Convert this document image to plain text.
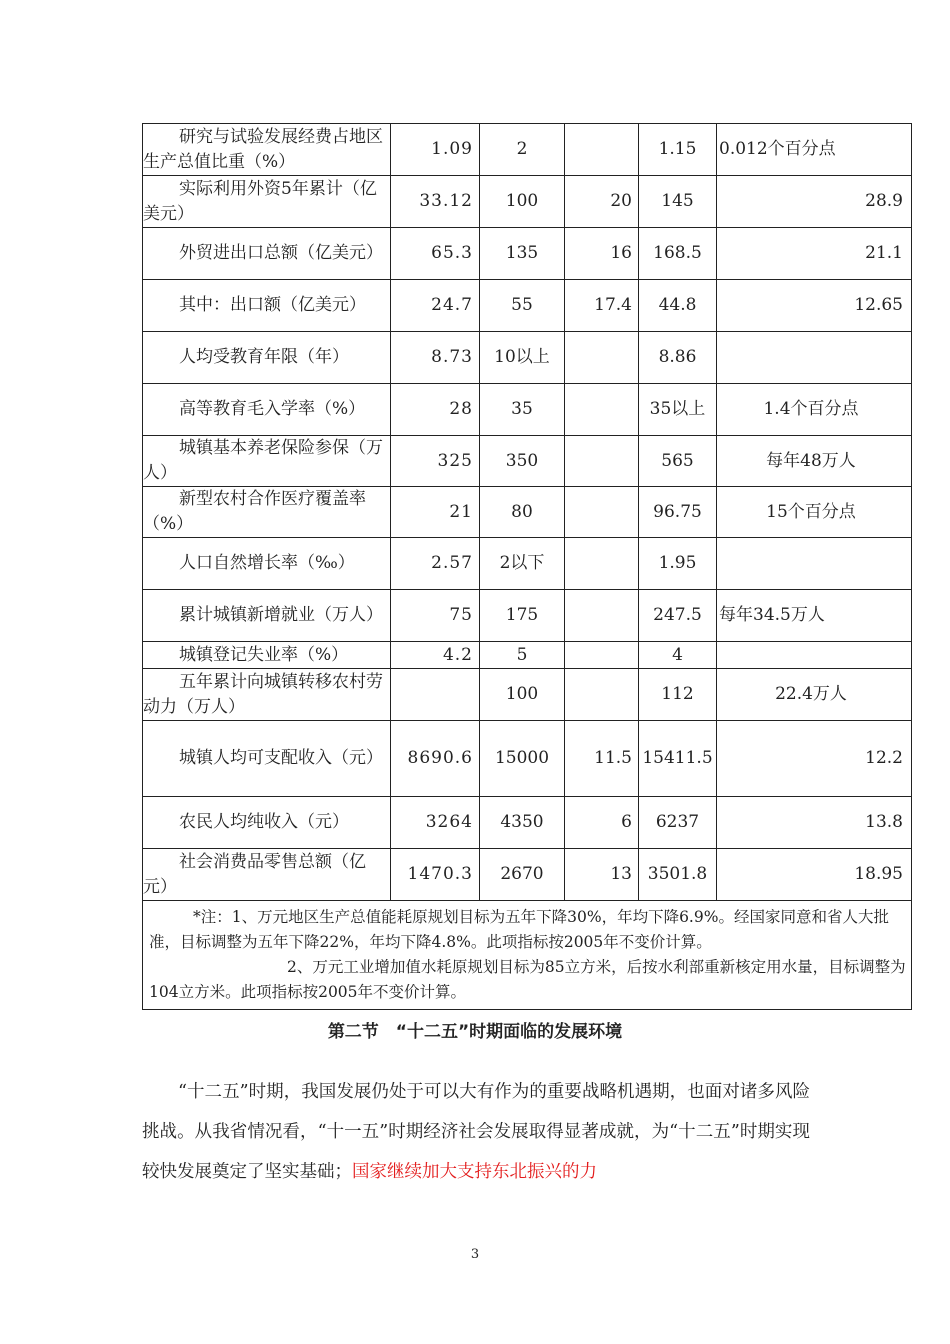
研究与试验发展经费占地区生产总值比重（%）	1.09	2		1.15	0.012个百分点
实际利用外资5年累计（亿美元）	33.12	100	20	145	28.9
外贸进出口总额（亿美元）	65.3	135	16	168.5	21.1
其中：出口额（亿美元）	24.7	55	17.4	44.8	12.65
人均受教育年限（年）	8.73	10以上		8.86	
高等教育毛入学率（%）	28	35		35以上	1.4个百分点
城镇基本养老保险参保（万人）	325	350		565	每年48万人
新型农村合作医疗覆盖率（%）	21	80		96.75	15个百分点
人口自然增长率（‰）	2.57	2以下		1.95	
累计城镇新增就业（万人）	75	175		247.5	每年34.5万人
城镇登记失业率（%）	4.2	5		4	
五年累计向城镇转移农村劳动力（万人）		100		112	22.4万人
城镇人均可支配收入（元）	8690.6	15000	11.5	15411.5	12.2
农民人均纯收入（元）	3264	4350	6	6237	13.8
社会消费品零售总额（亿元）	1470.3	2670	13	3501.8	18.95

*注：1、万元地区生产总值能耗原规划目标为五年下降30%，年均下降6.9%。经国家同意和省人大批准，目标调整为五年下降22%，年均下降4.8%。此项指标按2005年不变价计算。

2、万元工业增加值水耗原规划目标为85立方米，后按水利部重新核定用水量，目标调整为104立方米。此项指标按2005年不变价计算。					

第二节　“十二五”时期面临的发展环境

“十二五”时期，我国发展仍处于可以大有作为的重要战略机遇期，也面对诸多风险挑战。从我省情况看，“十一五”时期经济社会发展取得显著成就，为“十二五”时期实现较快发展奠定了坚实基础；国家继续加大支持东北振兴的力

3
